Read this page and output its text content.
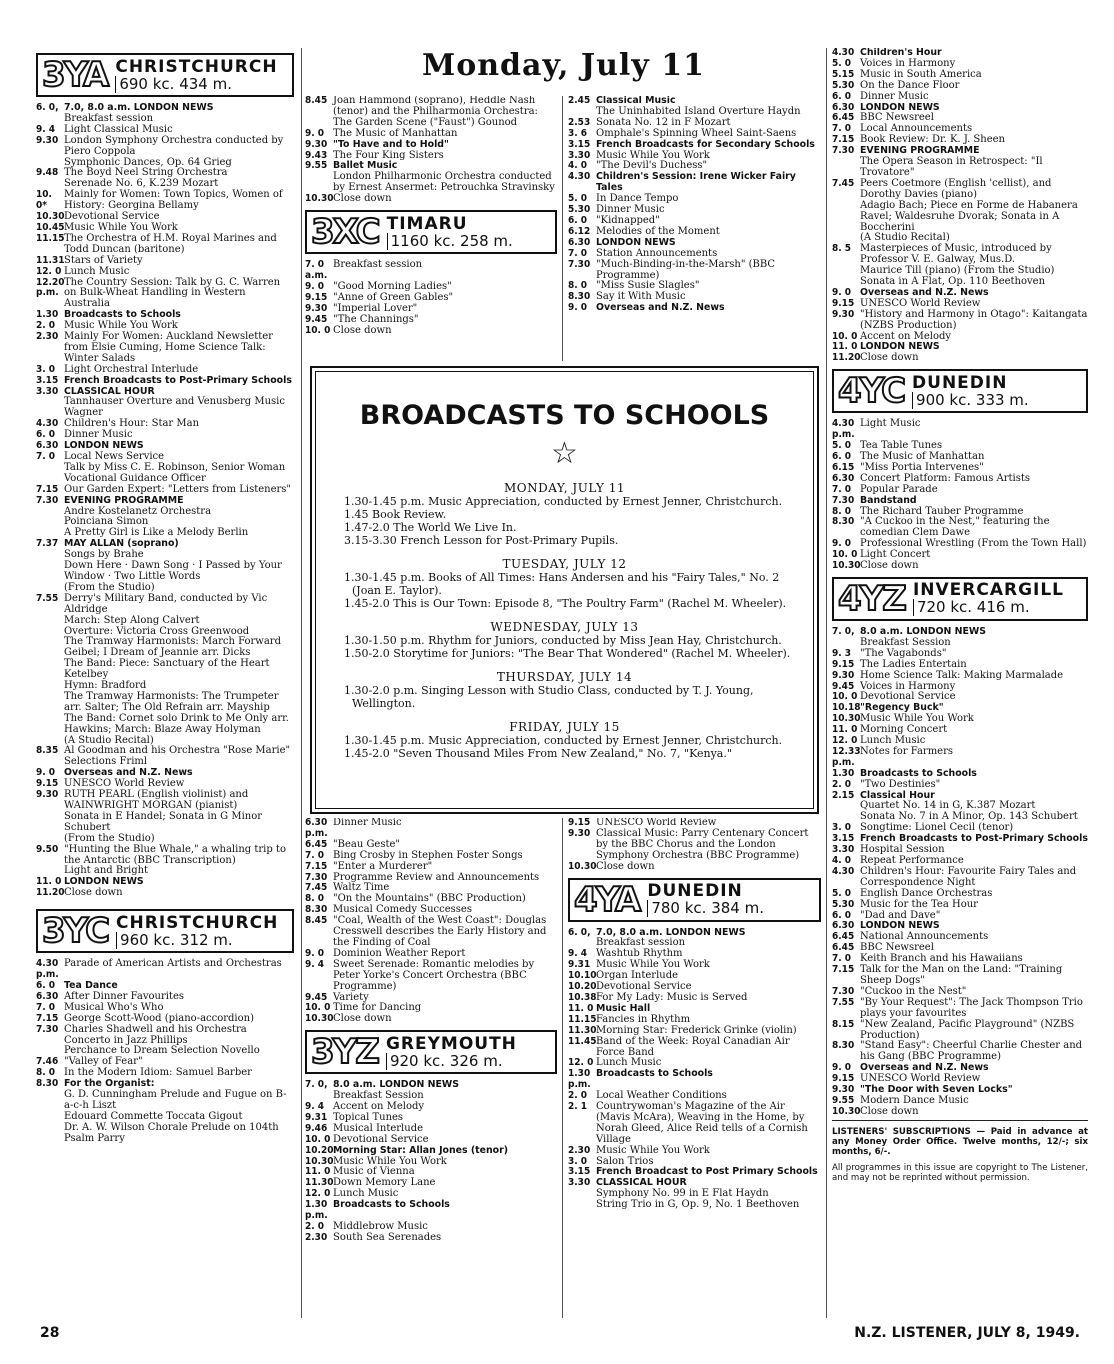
Monday, July 11
3YA CHRISTCHURCH
690 kc. 434 m.
6. 0, 7.0, 8.0 a.m. LONDON NEWS
Breakfast session
9. 4 Light Classical Music
9.30 London Symphony Orchestra conducted by Piero Coppola
Symphonic Dances, Op. 64 Grieg
9.48 The Boyd Neel String Orchestra
Serenade No. 6, K.239 Mozart
10. 0*
Mainly for Women: Town Topics, Women of History: Georgina Bellamy
10.30 Devotional Service
10.45 Music While You Work
11.15 The Orchestra of H.M. Royal Marines and Todd Duncan (baritone)
11.31 Stars of Variety
12. 0 Lunch Music
12.20 p.m.
The Country Session: Talk by G. C. Warren on Bulk-Wheat Handling in Western Australia
1.30 Broadcasts to Schools
2. 0 Music While You Work
2.30 Mainly For Women: Auckland Newsletter from Elsie Cuming, Home Science Talk: Winter Salads
3. 0 Light Orchestral Interlude
3.15 French Broadcasts to Post-Primary Schools
3.30 CLASSICAL HOUR
Tannhauser Overture and Venusberg Music Wagner
4.30 Children's Hour: Star Man
6. 0 Dinner Music
6.30 LONDON NEWS
7. 0 Local News Service
Talk by Miss C. E. Robinson, Senior Woman Vocational Guidance Officer
7.15 Our Garden Expert: "Letters from Listeners"
7.30 EVENING PROGRAMME
Andre Kostelanetz Orchestra
Poinciana Simon
A Pretty Girl is Like a Melody Berlin
7.37 MAY ALLAN (soprano)
Songs by Brahe
Down Here · Dawn Song · I Passed by Your Window · Two Little Words
(From the Studio)
7.55 Derry's Military Band, conducted by Vic Aldridge
March: Step Along Calvert
Overture: Victoria Cross Greenwood
The Tramway Harmonists: March Forward Geibel; I Dream of Jeannie arr. Dicks
The Band: Piece: Sanctuary of the Heart Ketelbey
Hymn: Bradford
The Tramway Harmonists: The Trumpeter arr. Salter; The Old Refrain arr. Mayship
The Band: Cornet solo Drink to Me Only arr. Hawkins; March: Blaze Away Holyman
(A Studio Recital)
8.35 Al Goodman and his Orchestra "Rose Marie" Selections Friml
9. 0 Overseas and N.Z. News
9.15 UNESCO World Review
9.30 RUTH PEARL (English violinist) and WAINWRIGHT MORGAN (pianist)
Sonata in E Handel; Sonata in G Minor Schubert
(From the Studio)
9.50 "Hunting the Blue Whale," a whaling trip to the Antarctic (BBC Transcription)
Light and Bright
11. 0 LONDON NEWS
11.20 Close down
3YC CHRISTCHURCH
960 kc. 312 m.
4.30 p.m.
Parade of American Artists and Orchestras
6. 0 Tea Dance
6.30 After Dinner Favourites
7. 0 Musical Who's Who
7.15 George Scott-Wood (piano-accordion)
7.30 Charles Shadwell and his Orchestra
Concerto in Jazz Phillips
Perchance to Dream Selection Novello
7.46 "Valley of Fear"
8. 0 In the Modern Idiom: Samuel Barber
8.30 For the Organist:
G. D. Cunningham Prelude and Fugue on B-a-c-h Liszt
Edouard Commette Toccata Gigout
Dr. A. W. Wilson Chorale Prelude on 104th Psalm Parry
8.45 Joan Hammond (soprano), Heddle Nash (tenor) and the Philharmonia Orchestra: The Garden Scene ("Faust") Gounod
9. 0 The Music of Manhattan
9.30 "To Have and to Hold"
9.43 The Four King Sisters
9.55 Ballet Music
London Philharmonic Orchestra conducted by Ernest Ansermet: Petrouchka Stravinsky
10.30 Close down
3XC TIMARU
1160 kc. 258 m.
7. 0 a.m.
Breakfast session
9. 0 "Good Morning Ladies"
9.15 "Anne of Green Gables"
9.30 "Imperial Lover"
9.45 "The Channings"
10. 0 Close down
2.45 Classical Music
The Uninhabited Island Overture Haydn
2.53 Sonata No. 12 in F Mozart
3. 6 Omphale's Spinning Wheel Saint-Saens
3.15 French Broadcasts for Secondary Schools
3.30 Music While You Work
4. 0 "The Devil's Duchess"
4.30 Children's Session: Irene Wicker Fairy Tales
5. 0 In Dance Tempo
5.30 Dinner Music
6. 0 "Kidnapped"
6.12 Melodies of the Moment
6.30 LONDON NEWS
7. 0 Station Announcements
7.30 "Much-Binding-in-the-Marsh" (BBC Programme)
8. 0 "Miss Susie Slagles"
8.30 Say it With Music
9. 0 Overseas and N.Z. News
BROADCASTS TO SCHOOLS
☆
MONDAY, JULY 11
1.30-1.45 p.m. Music Appreciation, conducted by Ernest Jenner, Christchurch.
1.45 Book Review.
1.47-2.0 The World We Live In.
3.15-3.30 French Lesson for Post-Primary Pupils.
TUESDAY, JULY 12
1.30-1.45 p.m. Books of All Times: Hans Andersen and his "Fairy Tales," No. 2 (Joan E. Taylor).
1.45-2.0 This is Our Town: Episode 8, "The Poultry Farm" (Rachel M. Wheeler).
WEDNESDAY, JULY 13
1.30-1.50 p.m. Rhythm for Juniors, conducted by Miss Jean Hay, Christchurch.
1.50-2.0 Storytime for Juniors: "The Bear That Wondered" (Rachel M. Wheeler).
THURSDAY, JULY 14
1.30-2.0 p.m. Singing Lesson with Studio Class, conducted by T. J. Young, Wellington.
FRIDAY, JULY 15
1.30-1.45 p.m. Music Appreciation, conducted by Ernest Jenner, Christchurch.
1.45-2.0 "Seven Thousand Miles From New Zealand," No. 7, "Kenya."
6.30 p.m.
Dinner Music
6.45 "Beau Geste"
7. 0 Bing Crosby in Stephen Foster Songs
7.15 "Enter a Murderer"
7.30 Programme Review and Announcements
7.45 Waltz Time
8. 0 "On the Mountains" (BBC Production)
8.30 Musical Comedy Successes
8.45 "Coal, Wealth of the West Coast": Douglas Cresswell describes the Early History and the Finding of Coal
9. 0 Dominion Weather Report
9. 4 Sweet Serenade: Romantic melodies by Peter Yorke's Concert Orchestra (BBC Programme)
9.45 Variety
10. 0 Time for Dancing
10.30 Close down
3YZ GREYMOUTH
920 kc. 326 m.
7. 0, 8.0 a.m. LONDON NEWS
Breakfast Session
9. 4 Accent on Melody
9.31 Topical Tunes
9.46 Musical Interlude
10. 0 Devotional Service
10.20 Morning Star: Allan Jones (tenor)
10.30 Music While You Work
11. 0 Music of Vienna
11.30 Down Memory Lane
12. 0 Lunch Music
1.30 p.m.
Broadcasts to Schools
2. 0 Middlebrow Music
2.30 South Sea Serenades
9.15 UNESCO World Review
9.30 Classical Music: Parry Centenary Concert by the BBC Chorus and the London Symphony Orchestra (BBC Programme)
10.30 Close down
4YA DUNEDIN
780 kc. 384 m.
6. 0, 7.0, 8.0 a.m. LONDON NEWS
Breakfast session
9. 4 Washtub Rhythm
9.31 Music While You Work
10.10 Organ Interlude
10.20 Devotional Service
10.38 For My Lady: Music is Served
11. 0 Music Hall
11.15 Fancies in Rhythm
11.30 Morning Star: Frederick Grinke (violin)
11.45 Band of the Week: Royal Canadian Air Force Band
12. 0 Lunch Music
1.30 p.m.
Broadcasts to Schools
2. 0 Local Weather Conditions
2. 1 Countrywoman's Magazine of the Air (Mavis McAra), Weaving in the Home, by Norah Gleed, Alice Reid tells of a Cornish Village
2.30 Music While You Work
3. 0 Salon Trios
3.15 French Broadcast to Post Primary Schools
3.30 CLASSICAL HOUR
Symphony No. 99 in E Flat Haydn
String Trio in G, Op. 9, No. 1 Beethoven
4.30 Children's Hour
5. 0 Voices in Harmony
5.15 Music in South America
5.30 On the Dance Floor
6. 0 Dinner Music
6.30 LONDON NEWS
6.45 BBC Newsreel
7. 0 Local Announcements
7.15 Book Review: Dr. K. J. Sheen
7.30 EVENING PROGRAMME
The Opera Season in Retrospect: "Il Trovatore"
7.45 Peers Coetmore (English 'cellist), and Dorothy Davies (piano)
Adagio Bach; Piece en Forme de Habanera Ravel; Waldesruhe Dvorak; Sonata in A Boccherini
(A Studio Recital)
8. 5 Masterpieces of Music, introduced by Professor V. E. Galway, Mus.D.
Maurice Till (piano) (From the Studio)
Sonata in A Flat, Op. 110 Beethoven
9. 0 Overseas and N.Z. News
9.15 UNESCO World Review
9.30 "History and Harmony in Otago": Kaitangata (NZBS Production)
10. 0 Accent on Melody
11. 0 LONDON NEWS
11.20 Close down
4YC DUNEDIN
900 kc. 333 m.
4.30 p.m.
Light Music
5. 0 Tea Table Tunes
6. 0 The Music of Manhattan
6.15 "Miss Portia Intervenes"
6.30 Concert Platform: Famous Artists
7. 0 Popular Parade
7.30 Bandstand
8. 0 The Richard Tauber Programme
8.30 "A Cuckoo in the Nest," featuring the comedian Clem Dawe
9. 0 Professional Wrestling (From the Town Hall)
10. 0 Light Concert
10.30 Close down
4YZ INVERCARGILL
720 kc. 416 m.
7. 0, 8.0 a.m. LONDON NEWS
Breakfast Session
9. 3 "The Vagabonds"
9.15 The Ladies Entertain
9.30 Home Science Talk: Making Marmalade
9.45 Voices in Harmony
10. 0 Devotional Service
10.18 "Regency Buck"
10.30 Music While You Work
11. 0 Morning Concert
12. 0 Lunch Music
12.33 p.m.
Notes for Farmers
1.30 Broadcasts to Schools
2. 0 "Two Destinies"
2.15 Classical Hour
Quartet No. 14 in G, K.387 Mozart
Sonata No. 7 in A Minor, Op. 143 Schubert
3. 0 Songtime: Lionel Cecil (tenor)
3.15 French Broadcasts to Post-Primary Schools
3.30 Hospital Session
4. 0 Repeat Performance
4.30 Children's Hour: Favourite Fairy Tales and Correspondence Night
5. 0 English Dance Orchestras
5.30 Music for the Tea Hour
6. 0 "Dad and Dave"
6.30 LONDON NEWS
6.45 National Announcements
6.45 BBC Newsreel
7. 0 Keith Branch and his Hawaiians
7.15 Talk for the Man on the Land: "Training Sheep Dogs"
7.30 "Cuckoo in the Nest"
7.55 "By Your Request": The Jack Thompson Trio plays your favourites
8.15 "New Zealand, Pacific Playground" (NZBS Production)
8.30 "Stand Easy": Cheerful Charlie Chester and his Gang (BBC Programme)
9. 0 Overseas and N.Z. News
9.15 UNESCO World Review
9.30 "The Door with Seven Locks"
9.55 Modern Dance Music
10.30 Close down
LISTENERS' SUBSCRIPTIONS — Paid in advance at any Money Order Office. Twelve months, 12/-; six months, 6/-.
All programmes in this issue are copyright to The Listener, and may not be reprinted without permission.
28	N.Z. LISTENER, JULY 8, 1949.
